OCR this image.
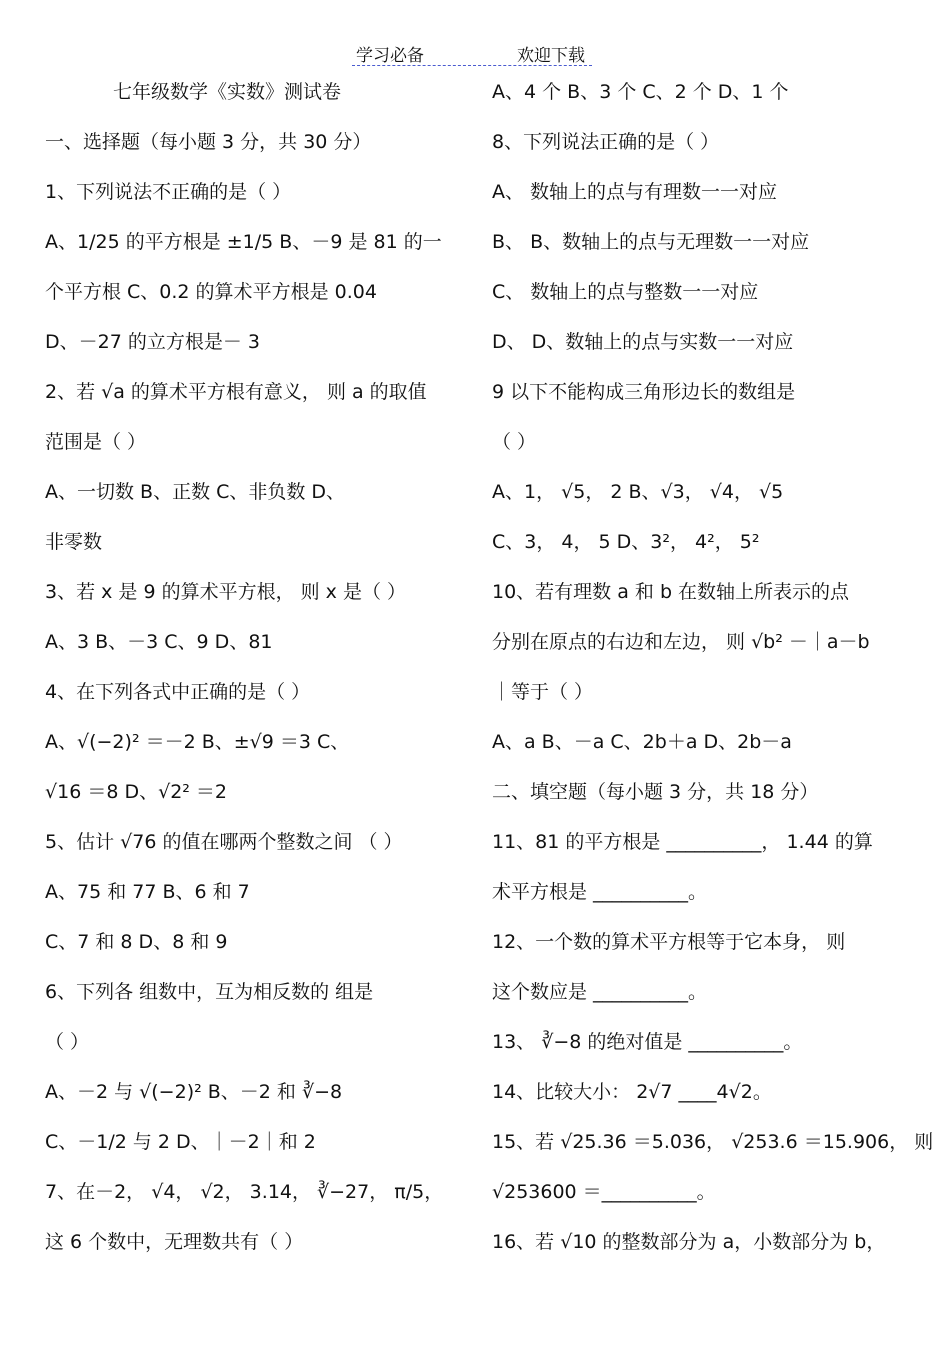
学习必备	欢迎下载
七年级数学《实数》测试卷
一、选择题（每小题 3 分，共 30 分）
1、下列说法不正确的是（ ）
A、1/25 的平方根是 ±1/5 B、－9 是 81 的一
个平方根 C、0.2 的算术平方根是 0.04
D、－27 的立方根是－ 3
2、若 √a 的算术平方根有意义， 则 a 的取值
范围是（ ）
A、一切数 B、正数 C、非负数 D、
非零数
3、若 x 是 9 的算术平方根， 则 x 是（ ）
A、3 B、－3 C、9 D、81
4、在下列各式中正确的是（ ）
A、√(−2)² ＝－2 B、±√9 ＝3 C、
√16 ＝8 D、√2² ＝2
5、估计 √76 的值在哪两个整数之间 （ ）
A、75 和 77 B、6 和 7
C、7 和 8 D、8 和 9
6、下列各 组数中，互为相反数的 组是
（ ）
A、－2 与 √(−2)² B、－2 和 ∛−8
C、－1/2 与 2 D、｜－2｜和 2
7、在－2， √4， √2， 3.14， ∛−27， π/5，
这 6 个数中，无理数共有（ ）
A、4 个 B、3 个 C、2 个 D、1 个
8、下列说法正确的是（ ）
A、 数轴上的点与有理数一一对应
B、 B、数轴上的点与无理数一一对应
C、 数轴上的点与整数一一对应
D、 D、数轴上的点与实数一一对应
9 以下不能构成三角形边长的数组是
（ ）
A、1， √5， 2 B、√3， √4， √5
C、3， 4， 5 D、3²， 4²， 5²
10、若有理数 a 和 b 在数轴上所表示的点
分别在原点的右边和左边， 则 √b² －｜a－b
｜等于（ ）
A、a B、－a C、2b＋a D、2b－a
二、填空题（每小题 3 分，共 18 分）
11、81 的平方根是 __________， 1.44 的算
术平方根是 __________。
12、一个数的算术平方根等于它本身， 则
这个数应是 __________。
13、 ∛−8 的绝对值是 __________。
14、比较大小： 2√7 ____4√2。
15、若 √25.36 ＝5.036， √253.6 ＝15.906， 则
√253600 ＝__________。
16、若 √10 的整数部分为 a，小数部分为 b，
